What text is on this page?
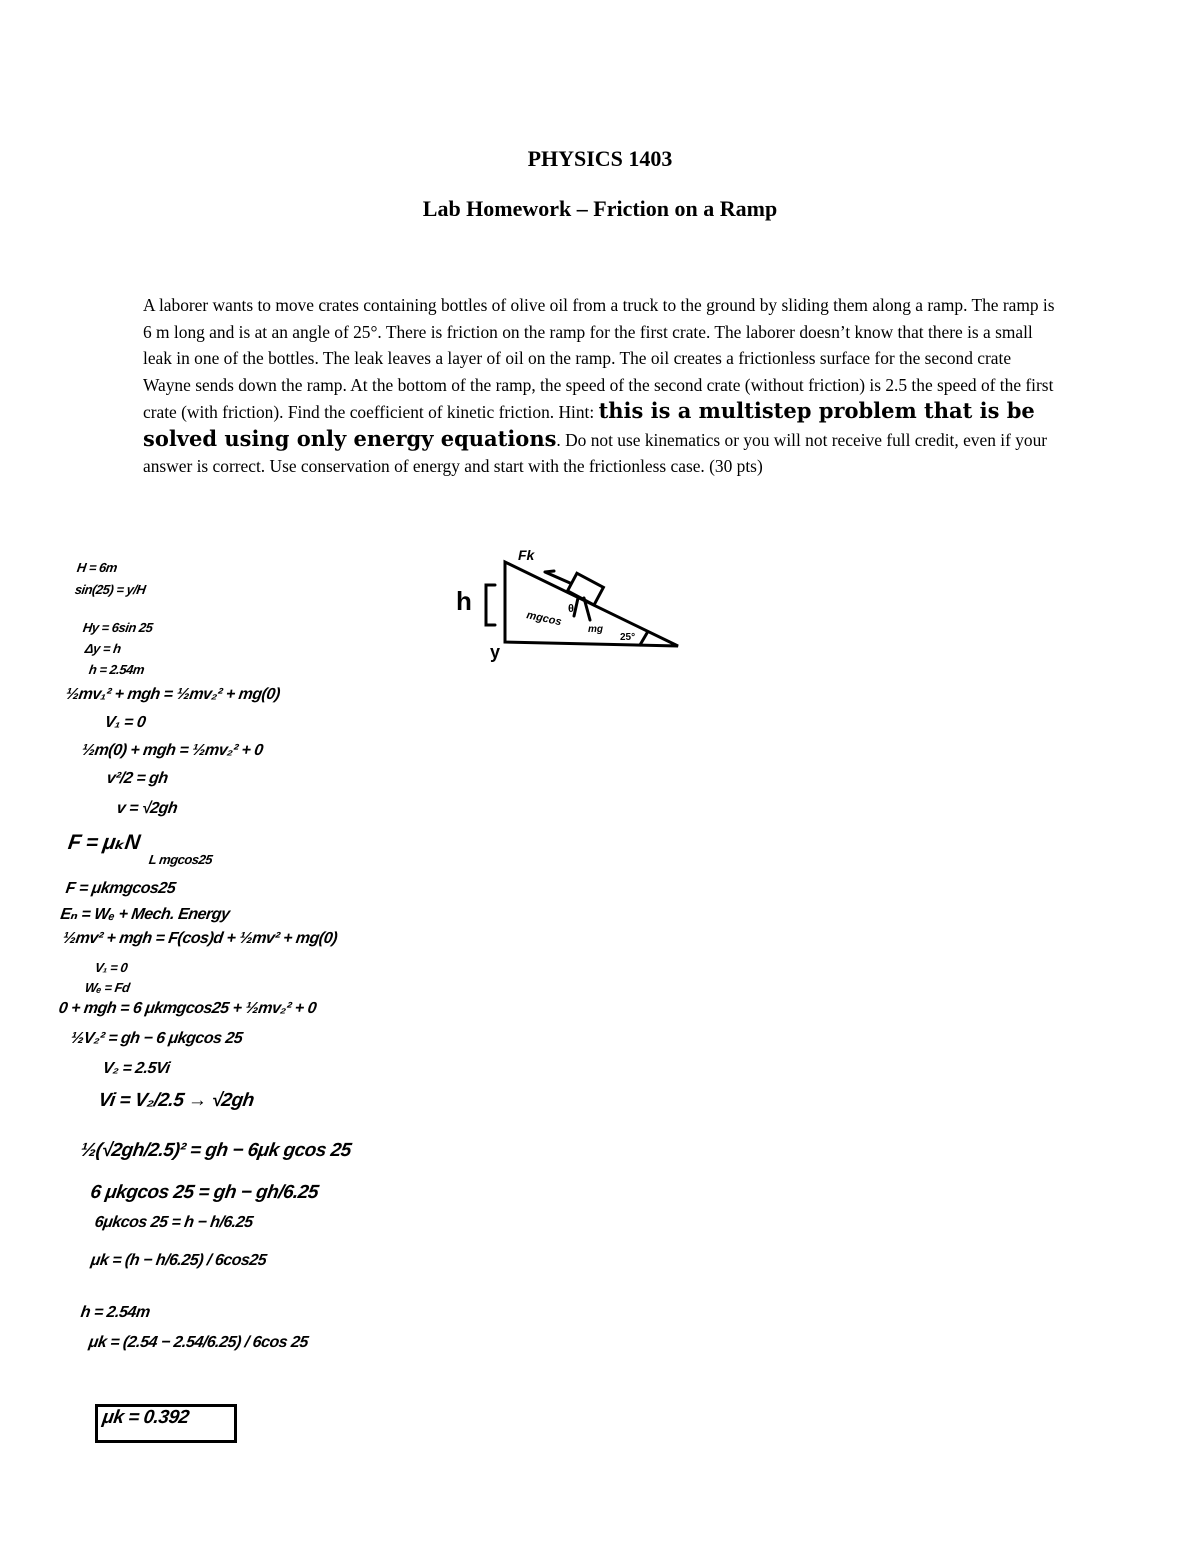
PHYSICS 1403
Lab Homework – Friction on a Ramp
A laborer wants to move crates containing bottles of olive oil from a truck to the ground by sliding them along a ramp. The ramp is 6 m long and is at an angle of 25°. There is friction on the ramp for the first crate. The laborer doesn’t know that there is a small leak in one of the bottles. The leak leaves a layer of oil on the ramp. The oil creates a frictionless surface for the second crate Wayne sends down the ramp. At the bottom of the ramp, the speed of the second crate (without friction) is 2.5 the speed of the first crate (with friction). Find the coefficient of kinetic friction. Hint: this is a multistep problem that is be solved using only energy equations. Do not use kinematics or you will not receive full credit, even if your answer is correct. Use conservation of energy and start with the frictionless case. (30 pts)
Fk
h
y
mgcos
mg
θ
25°
H = 6m
sin(25) = y/H
Hy = 6sin 25
Δy = h
h = 2.54m
½mv₁² + mgh = ½mv₂² + mg(0)
V₁ = 0
½m(0) + mgh = ½mv₂² + 0
v²/2 = gh
v = √2gh
F = μₖN
L mgcos25
F = μkmgcos25
Eₙ = Wₑ + Mech. Energy
½mv² + mgh = F(cos)d + ½mv² + mg(0)
V₁ = 0
Wₑ = Fd
0 + mgh = 6 μkmgcos25 + ½mv₂² + 0
½V₂² = gh − 6 μkgcos 25
V₂ = 2.5Vi
Vi = V₂/2.5 → √2gh
½(√2gh/2.5)² = gh − 6μk gcos 25
6 μkgcos 25 = gh − gh/6.25
6μkcos 25 = h − h/6.25
μk = (h − h/6.25) / 6cos25
h = 2.54m
μk = (2.54 − 2.54/6.25) / 6cos 25
μk = 0.392
